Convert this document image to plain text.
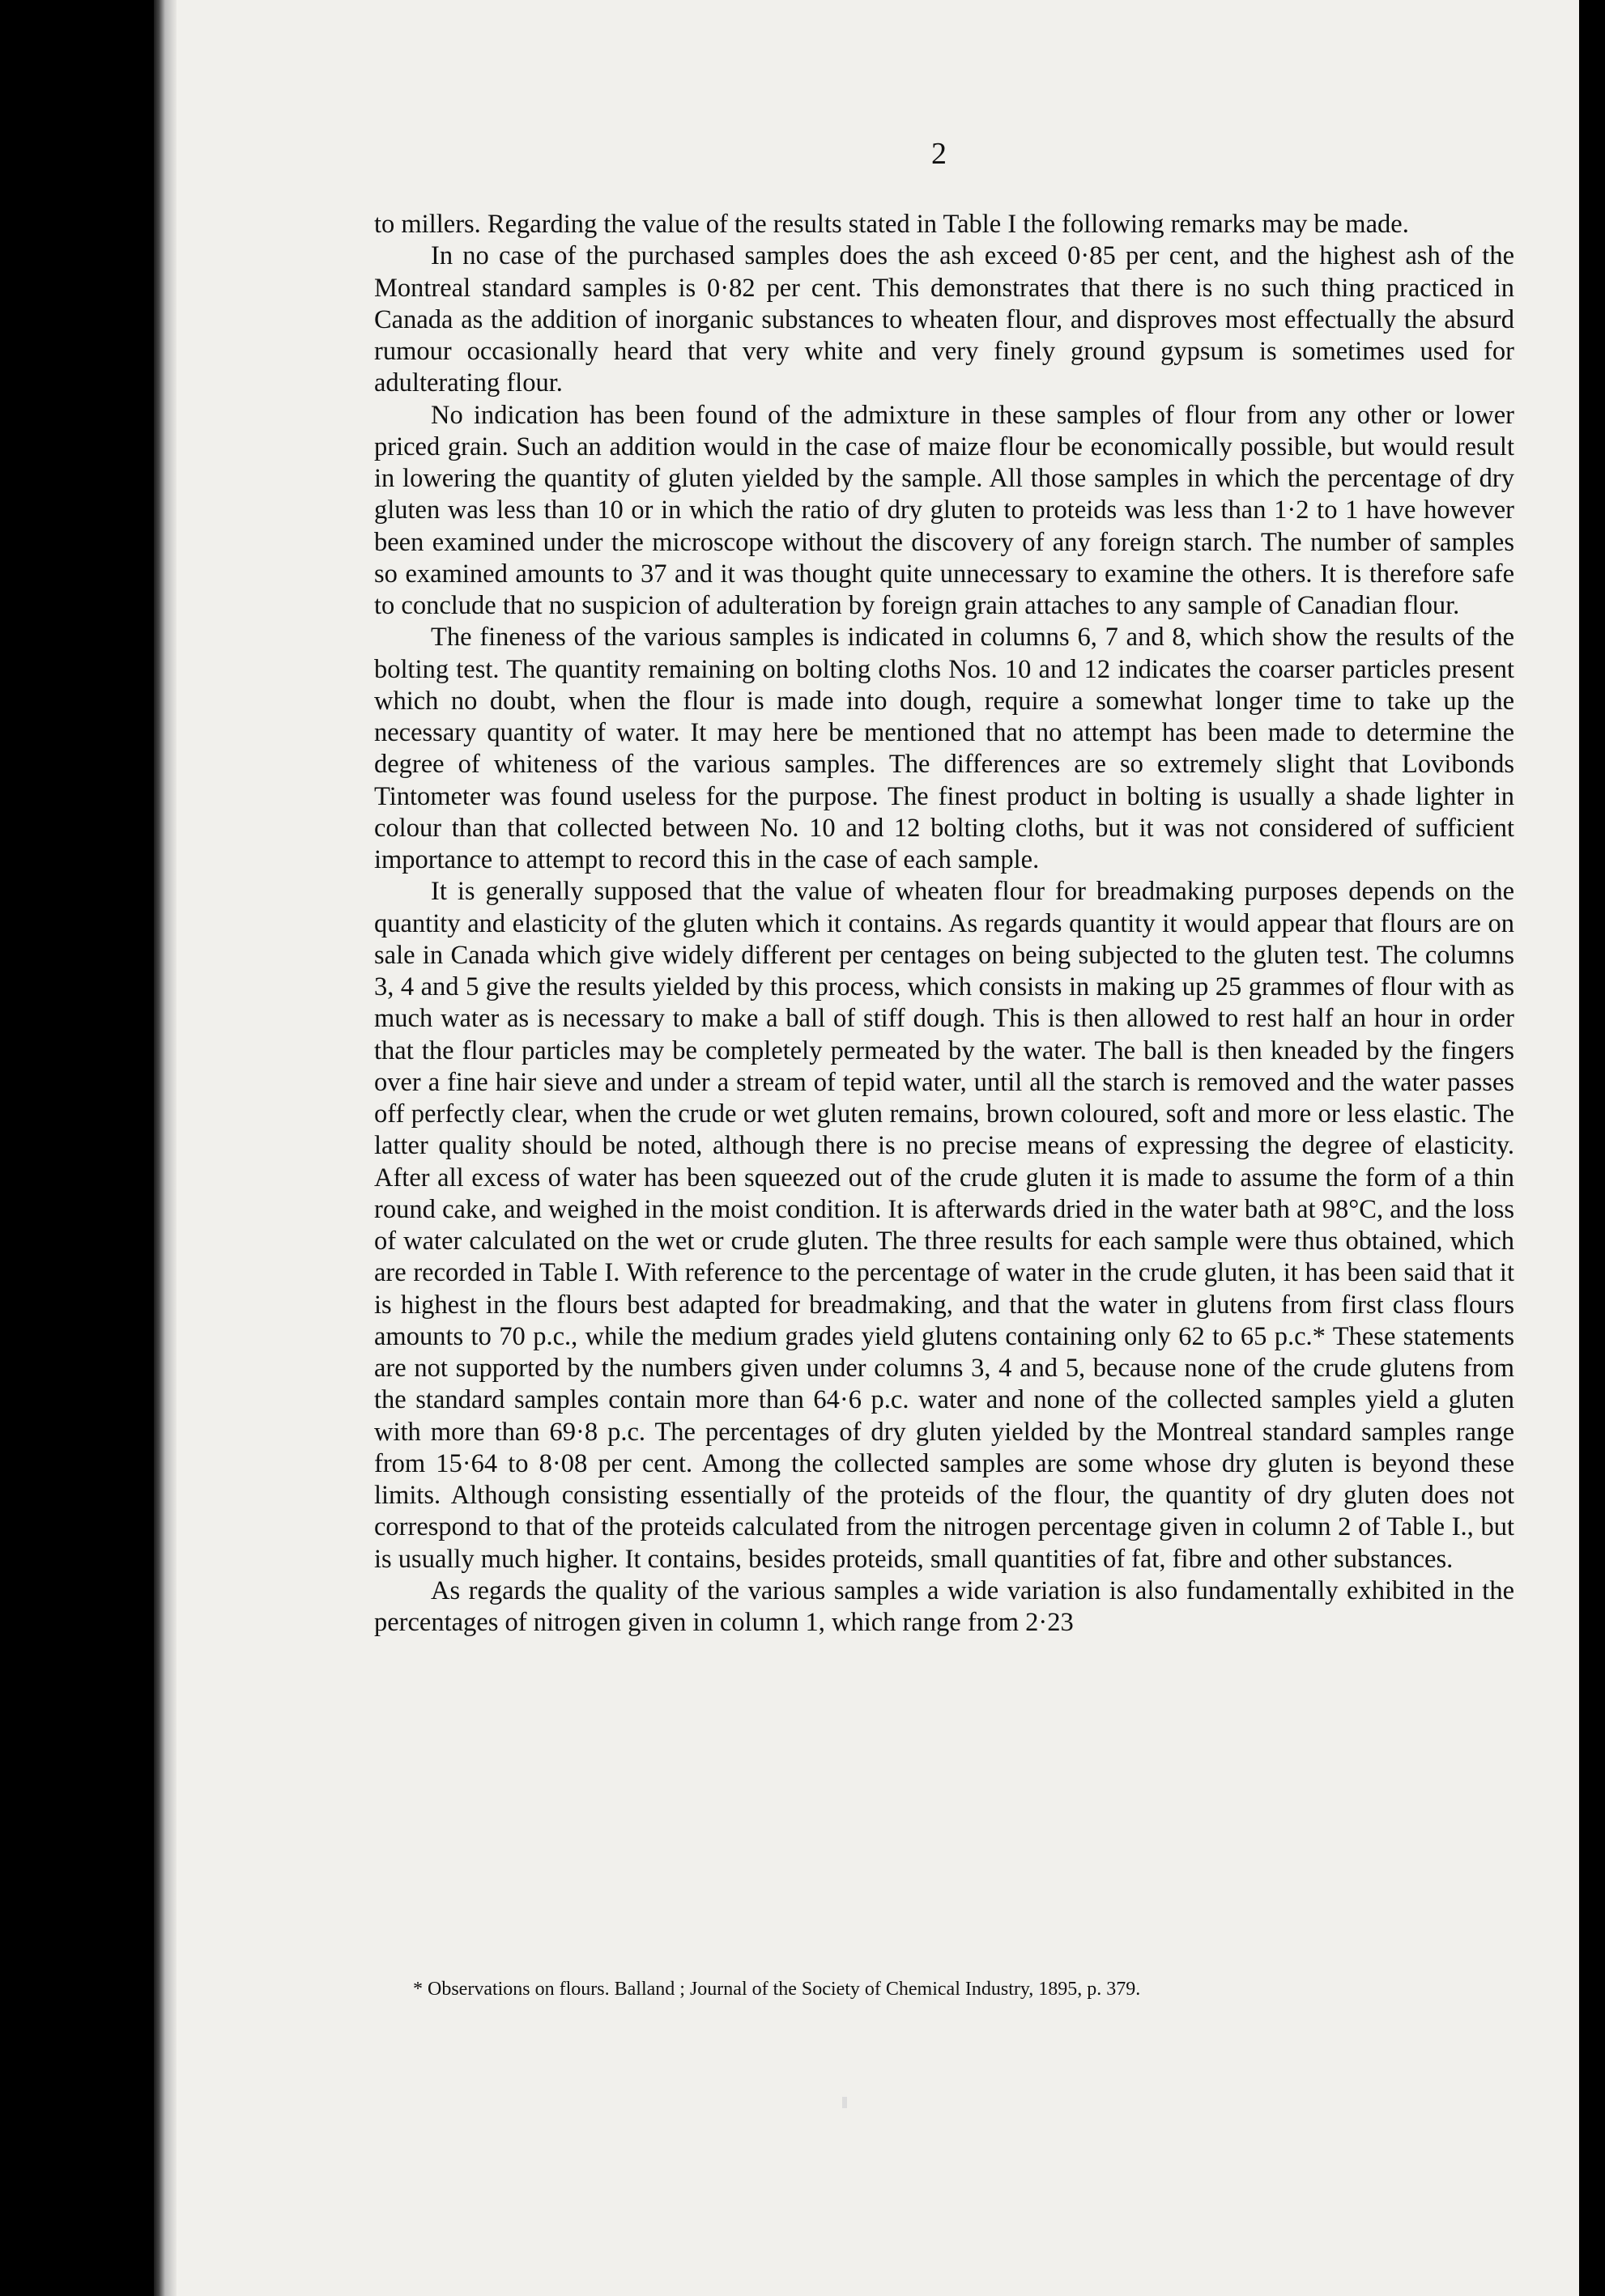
2

to millers. Regarding the value of the results stated in Table I the following remarks may be made.

In no case of the purchased samples does the ash exceed 0·85 per cent, and the highest ash of the Montreal standard samples is 0·82 per cent. This demonstrates that there is no such thing practiced in Canada as the addition of inorganic substances to wheaten flour, and disproves most effectually the absurd rumour occasionally heard that very white and very finely ground gypsum is sometimes used for adulterating flour.

No indication has been found of the admixture in these samples of flour from any other or lower priced grain. Such an addition would in the case of maize flour be economically possible, but would result in lowering the quantity of gluten yielded by the sample. All those samples in which the percentage of dry gluten was less than 10 or in which the ratio of dry gluten to proteids was less than 1·2 to 1 have however been examined under the microscope without the discovery of any foreign starch. The number of samples so examined amounts to 37 and it was thought quite unnecessary to examine the others. It is therefore safe to conclude that no suspicion of adulteration by foreign grain attaches to any sample of Canadian flour.

The fineness of the various samples is indicated in columns 6, 7 and 8, which show the results of the bolting test. The quantity remaining on bolting cloths Nos. 10 and 12 indicates the coarser particles present which no doubt, when the flour is made into dough, require a somewhat longer time to take up the necessary quantity of water. It may here be mentioned that no attempt has been made to determine the degree of whiteness of the various samples. The differences are so extremely slight that Lovibonds Tintometer was found useless for the purpose. The finest product in bolting is usually a shade lighter in colour than that collected between No. 10 and 12 bolting cloths, but it was not considered of sufficient importance to attempt to record this in the case of each sample.

It is generally supposed that the value of wheaten flour for breadmaking purposes depends on the quantity and elasticity of the gluten which it contains. As regards quantity it would appear that flours are on sale in Canada which give widely different per centages on being subjected to the gluten test. The columns 3, 4 and 5 give the results yielded by this process, which consists in making up 25 grammes of flour with as much water as is necessary to make a ball of stiff dough. This is then allowed to rest half an hour in order that the flour particles may be completely permeated by the water. The ball is then kneaded by the fingers over a fine hair sieve and under a stream of tepid water, until all the starch is removed and the water passes off perfectly clear, when the crude or wet gluten remains, brown coloured, soft and more or less elastic. The latter quality should be noted, although there is no precise means of expressing the degree of elasticity. After all excess of water has been squeezed out of the crude gluten it is made to assume the form of a thin round cake, and weighed in the moist condition. It is afterwards dried in the water bath at 98°C, and the loss of water calculated on the wet or crude gluten. The three results for each sample were thus obtained, which are recorded in Table I. With reference to the percentage of water in the crude gluten, it has been said that it is highest in the flours best adapted for breadmaking, and that the water in glutens from first class flours amounts to 70 p.c., while the medium grades yield glutens containing only 62 to 65 p.c.* These statements are not supported by the numbers given under columns 3, 4 and 5, because none of the crude glutens from the standard samples contain more than 64·6 p.c. water and none of the collected samples yield a gluten with more than 69·8 p.c. The percentages of dry gluten yielded by the Montreal standard samples range from 15·64 to 8·08 per cent. Among the collected samples are some whose dry gluten is beyond these limits. Although consisting essentially of the proteids of the flour, the quantity of dry gluten does not correspond to that of the proteids calculated from the nitrogen percentage given in column 2 of Table I., but is usually much higher. It contains, besides proteids, small quantities of fat, fibre and other substances.

As regards the quality of the various samples a wide variation is also fundamentally exhibited in the percentages of nitrogen given in column 1, which range from 2·23

* Observations on flours. Balland ; Journal of the Society of Chemical Industry, 1895, p. 379.
